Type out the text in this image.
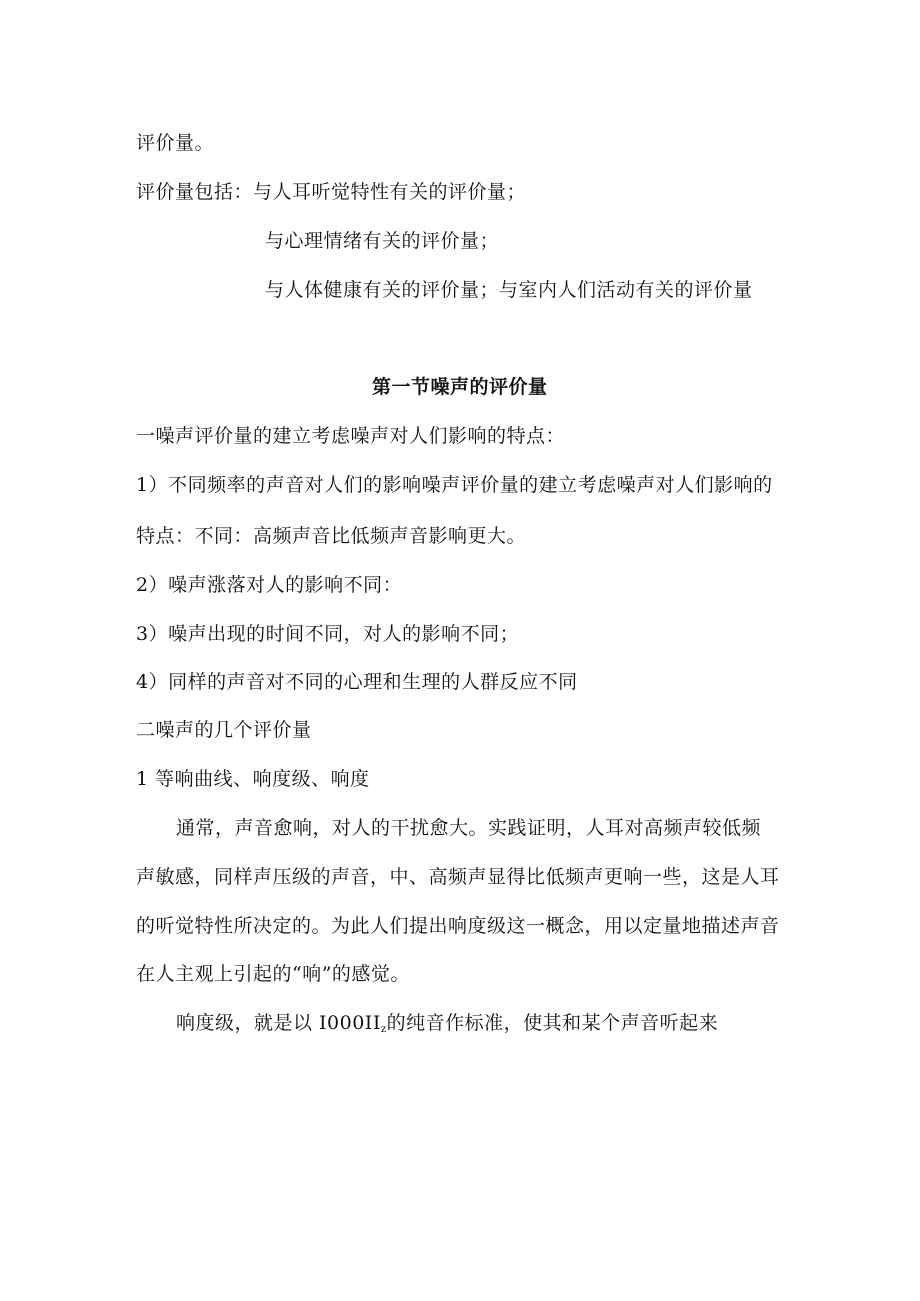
评价量。
评价量包括：与人耳听觉特性有关的评价量；
与心理情绪有关的评价量；
与人体健康有关的评价量；与室内人们活动有关的评价量
第一节噪声的评价量
一噪声评价量的建立考虑噪声对人们影响的特点：
1）不同频率的声音对人们的影响噪声评价量的建立考虑噪声对人们影响的
特点：不同：高频声音比低频声音影响更大。
2）噪声涨落对人的影响不同：
3）噪声出现的时间不同，对人的影响不同；
4）同样的声音对不同的心理和生理的人群反应不同
二噪声的几个评价量
1 等响曲线、响度级、响度
通常，声音愈响，对人的干扰愈大。实践证明，人耳对高频声较低频
声敏感，同样声压级的声音，中、高频声显得比低频声更响一些，这是人耳
的听觉特性所决定的。为此人们提出响度级这一概念，用以定量地描述声音
在人主观上引起的“响”的感觉。
响度级，就是以 $I000II_z$的纯音作标准，使其和某个声音听起来
